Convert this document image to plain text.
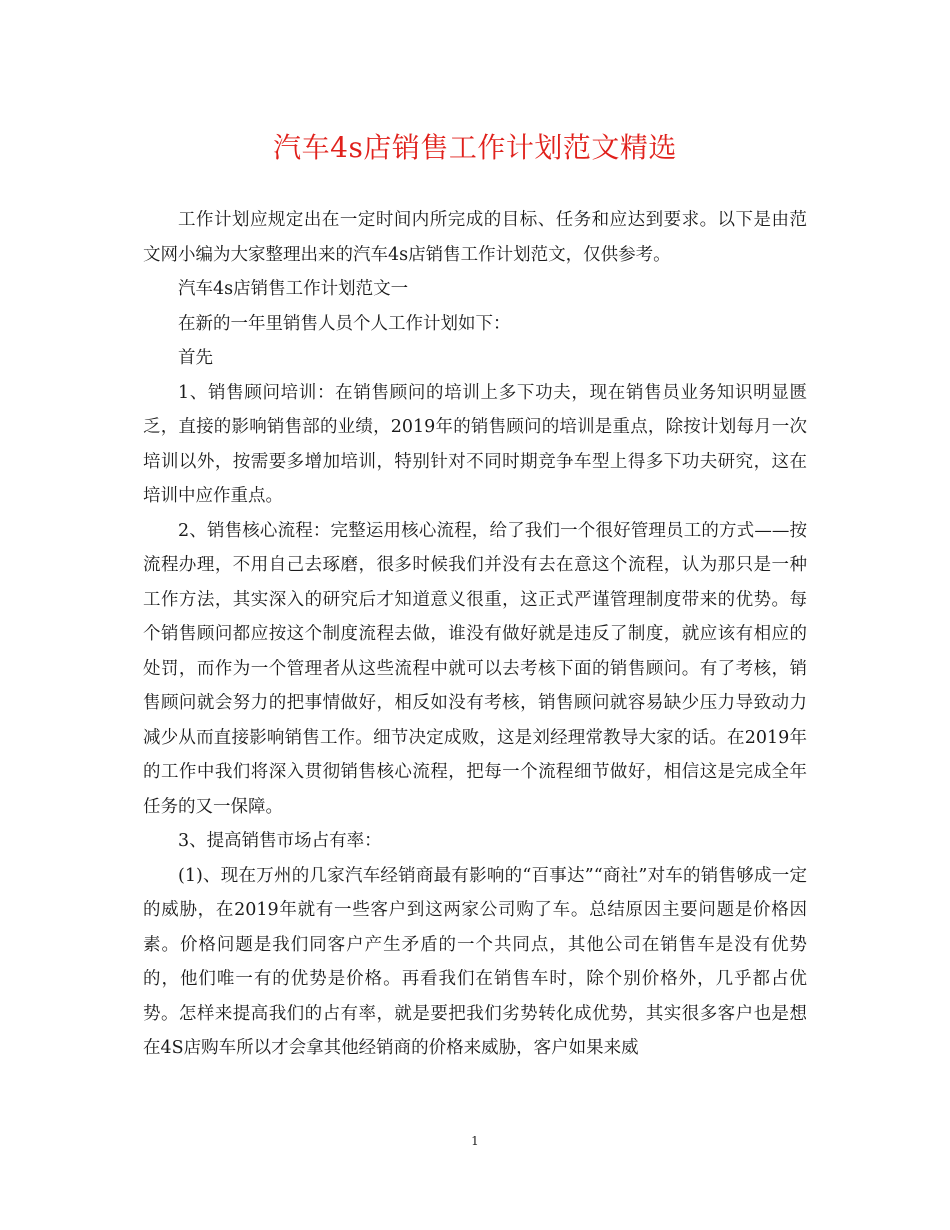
汽车4s店销售工作计划范文精选

工作计划应规定出在一定时间内所完成的目标、任务和应达到要求。以下是由范文网小编为大家整理出来的汽车4s店销售工作计划范文，仅供参考。

汽车4s店销售工作计划范文一

在新的一年里销售人员个人工作计划如下：

首先

1、销售顾问培训：在销售顾问的培训上多下功夫，现在销售员业务知识明显匮乏，直接的影响销售部的业绩，2019年的销售顾问的培训是重点，除按计划每月一次培训以外，按需要多增加培训，特别针对不同时期竞争车型上得多下功夫研究，这在培训中应作重点。

2、销售核心流程：完整运用核心流程，给了我们一个很好管理员工的方式——按流程办理，不用自己去琢磨，很多时候我们并没有去在意这个流程，认为那只是一种工作方法，其实深入的研究后才知道意义很重，这正式严谨管理制度带来的优势。每个销售顾问都应按这个制度流程去做，谁没有做好就是违反了制度，就应该有相应的处罚，而作为一个管理者从这些流程中就可以去考核下面的销售顾问。有了考核，销售顾问就会努力的把事情做好，相反如没有考核，销售顾问就容易缺少压力导致动力减少从而直接影响销售工作。细节决定成败，这是刘经理常教导大家的话。在2019年的工作中我们将深入贯彻销售核心流程，把每一个流程细节做好，相信这是完成全年任务的又一保障。

3、提高销售市场占有率：

(1)、现在万州的几家汽车经销商最有影响的“百事达”“商社”对车的销售够成一定的威胁，在2019年就有一些客户到这两家公司购了车。总结原因主要问题是价格因素。价格问题是我们同客户产生矛盾的一个共同点，其他公司在销售车是没有优势的，他们唯一有的优势是价格。再看我们在销售车时，除个别价格外，几乎都占优势。怎样来提高我们的占有率，就是要把我们劣势转化成优势，其实很多客户也是想在4S店购车所以才会拿其他经销商的价格来威胁，客户如果来威

1
